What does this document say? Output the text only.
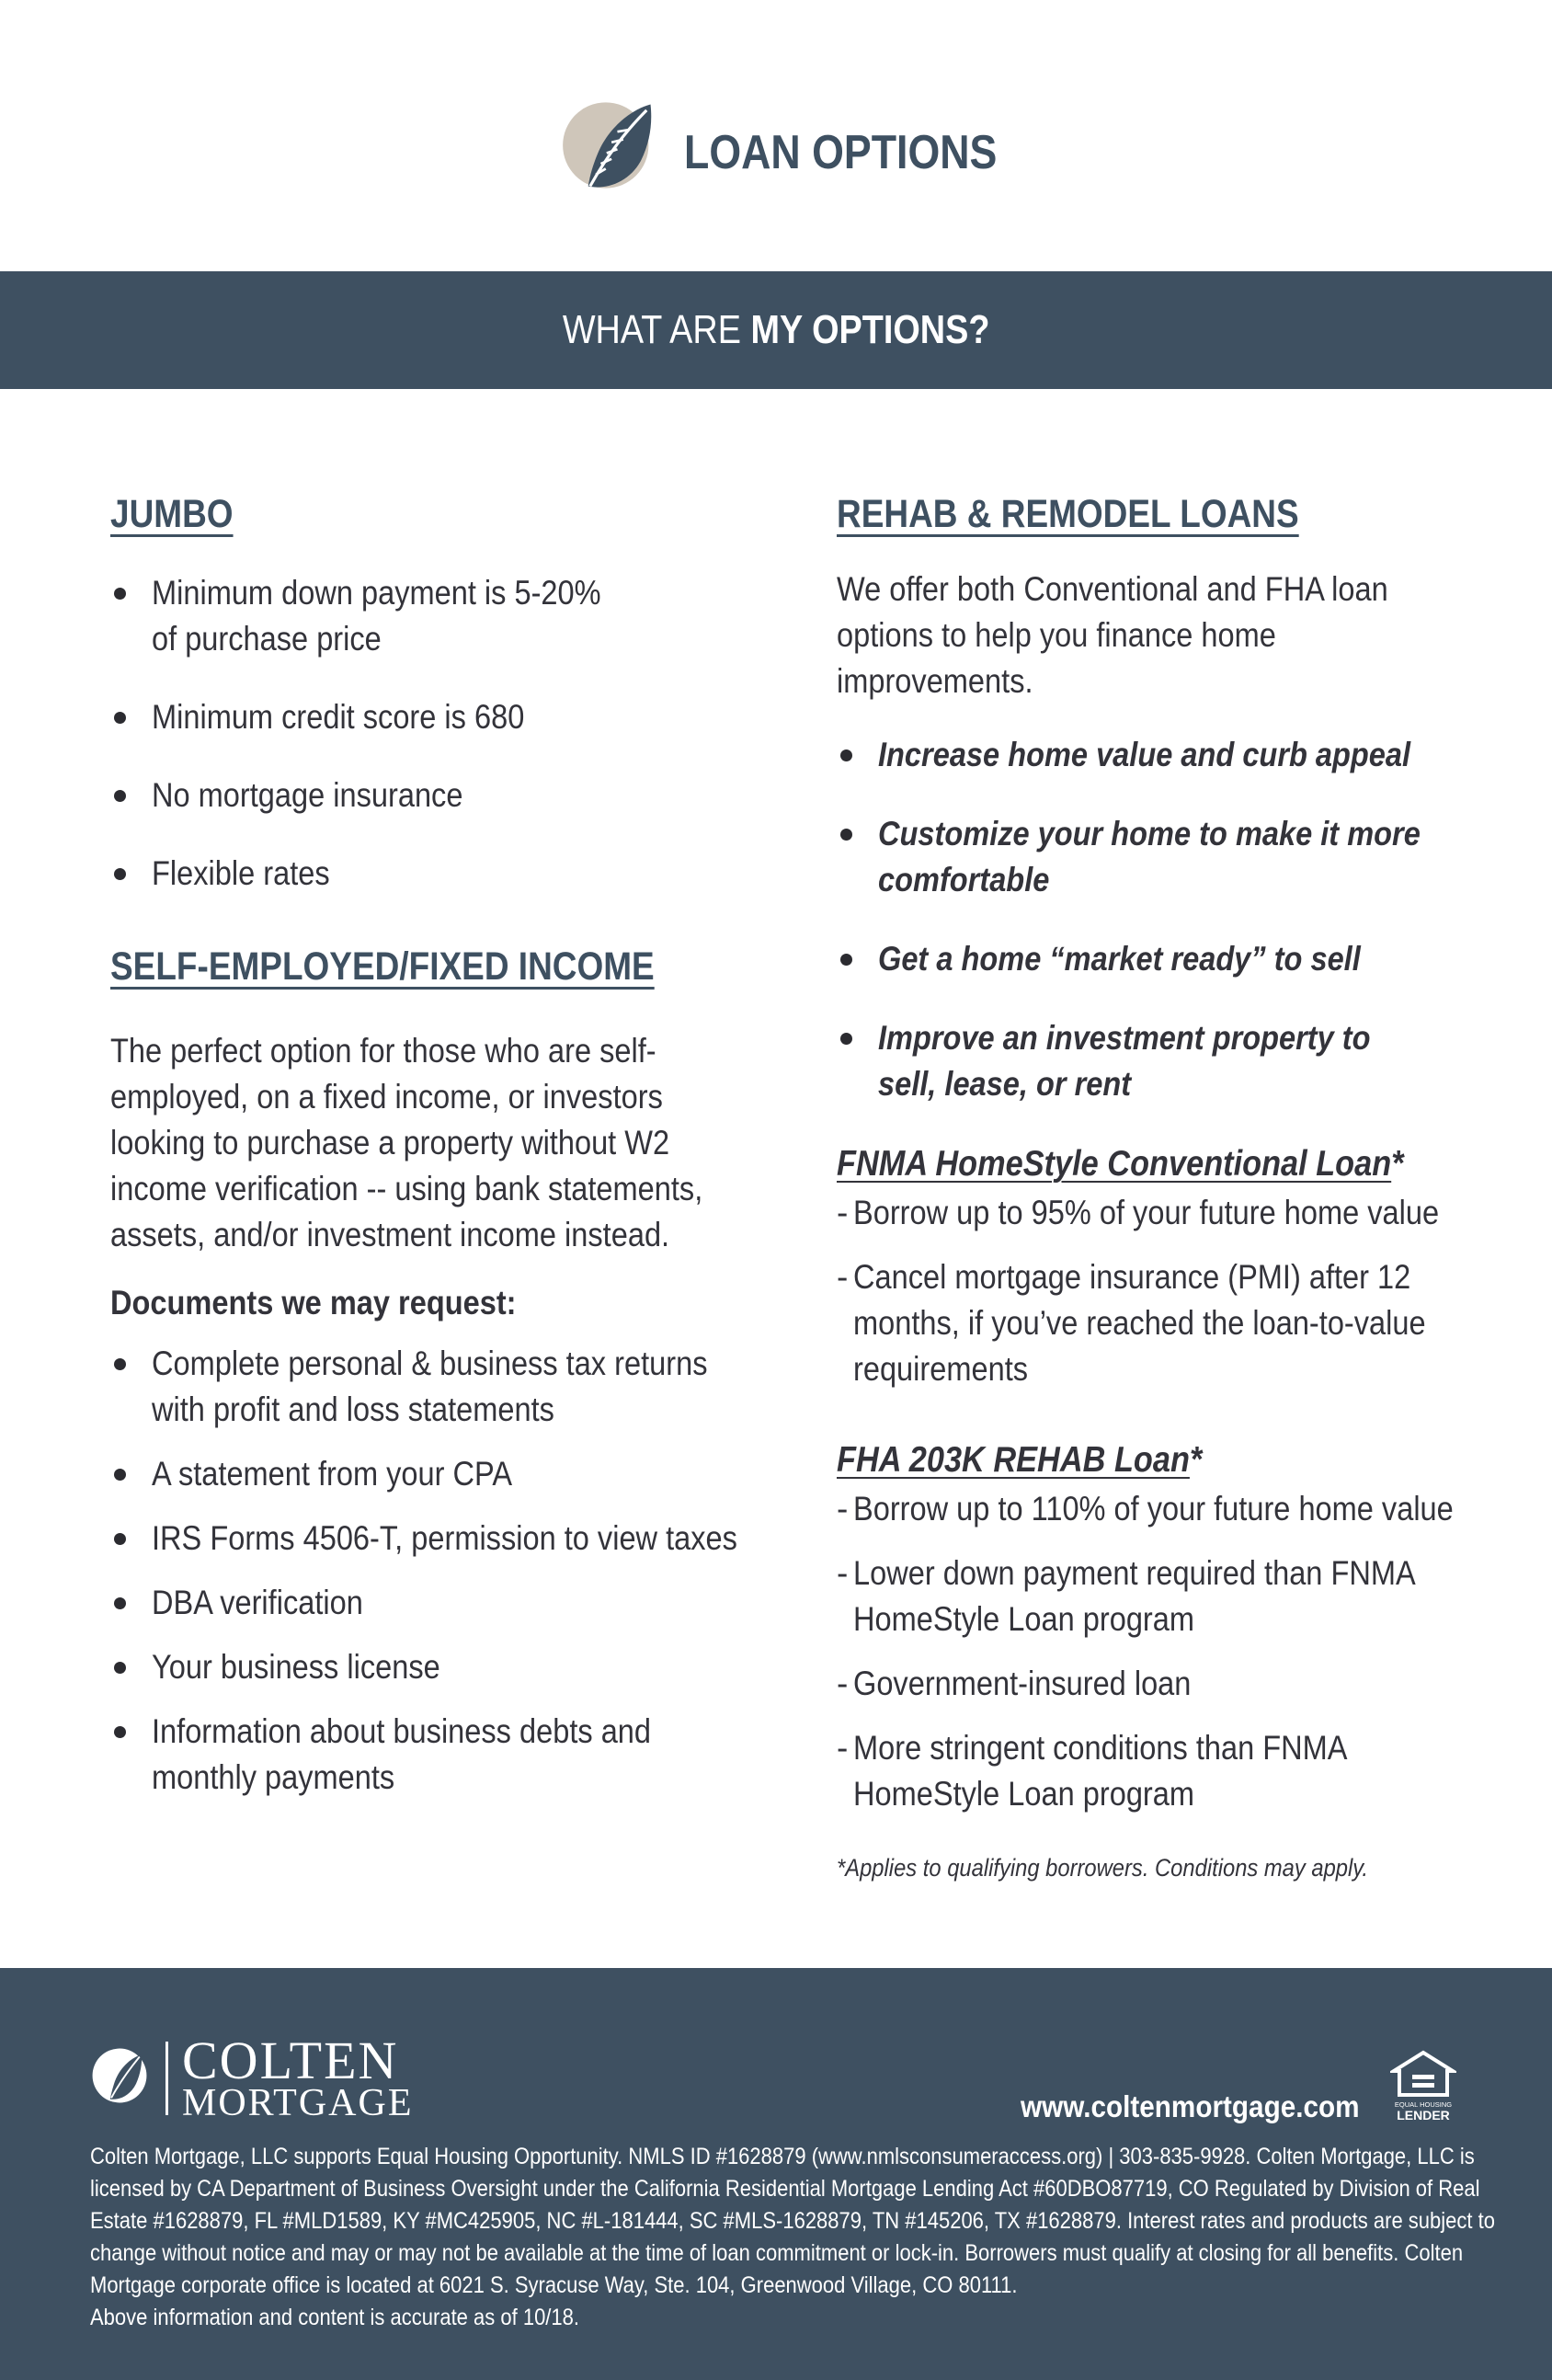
LOAN OPTIONS
WHAT ARE MY OPTIONS?
JUMBO
Minimum down payment is 5-20% of purchase price
Minimum credit score is 680
No mortgage insurance
Flexible rates
SELF-EMPLOYED/FIXED INCOME
The perfect option for those who are self-employed, on a fixed income, or investors looking to purchase a property without W2 income verification -- using bank statements, assets, and/or investment income instead.
Documents we may request:
Complete personal & business tax returns with profit and loss statements
A statement from your CPA
IRS Forms 4506-T, permission to view taxes
DBA verification
Your business license
Information about business debts and monthly payments
REHAB & REMODEL LOANS
We offer both Conventional and FHA loan options to help you finance home improvements.
Increase home value and curb appeal
Customize your home to make it more comfortable
Get a home “market ready” to sell
Improve an investment property to sell, lease, or rent
FNMA HomeStyle Conventional Loan*
- Borrow up to 95% of your future home value
- Cancel mortgage insurance (PMI) after 12 months, if you’ve reached the loan-to-value requirements
FHA 203K REHAB Loan*
- Borrow up to 110% of your future home value
- Lower down payment required than FNMA HomeStyle Loan program
- Government-insured loan
- More stringent conditions than FNMA HomeStyle Loan program
*Applies to qualifying borrowers. Conditions may apply.
COLTEN
MORTGAGE	www.coltenmortgage.com	EQUAL HOUSING
LENDER
Colten Mortgage, LLC supports Equal Housing Opportunity. NMLS ID #1628879 (www.nmlsconsumeraccess.org) | 303-835-9928. Colten Mortgage, LLC is licensed by CA Department of Business Oversight under the California Residential Mortgage Lending Act #60DBO87719, CO Regulated by Division of Real Estate #1628879, FL #MLD1589, KY #MC425905, NC #L-181444, SC #MLS-1628879, TN #145206, TX #1628879. Interest rates and products are subject to change without notice and may or may not be available at the time of loan commitment or lock-in. Borrowers must qualify at closing for all benefits. Colten Mortgage corporate office is located at 6021 S. Syracuse Way, Ste. 104, Greenwood Village, CO 80111.
Above information and content is accurate as of 10/18.
